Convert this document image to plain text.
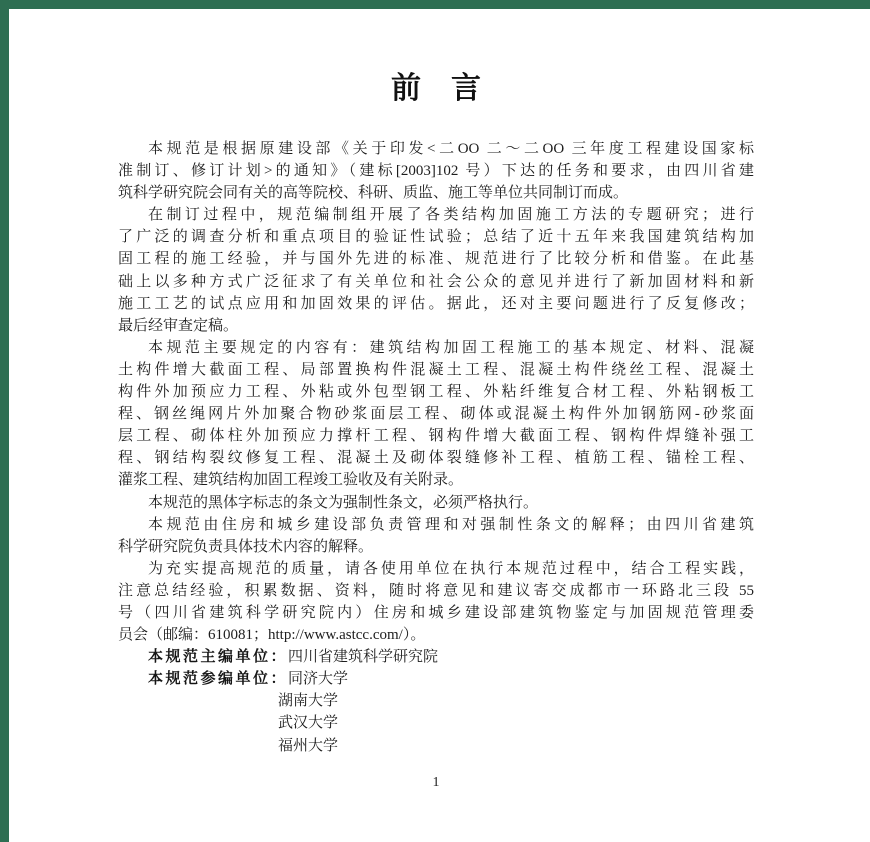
前　言
本规范是根据原建设部《关于印发<二OO 二～二OO 三年度工程建设国家标
准制订、修订计划>的通知》（建标[2003]102 号）下达的任务和要求，由四川省建
筑科学研究院会同有关的高等院校、科研、质监、施工等单位共同制订而成。
在制订过程中，规范编制组开展了各类结构加固施工方法的专题研究；进行
了广泛的调查分析和重点项目的验证性试验；总结了近十五年来我国建筑结构加
固工程的施工经验，并与国外先进的标准、规范进行了比较分析和借鉴。在此基
础上以多种方式广泛征求了有关单位和社会公众的意见并进行了新加固材料和新
施工工艺的试点应用和加固效果的评估。据此，还对主要问题进行了反复修改；
最后经审查定稿。
本规范主要规定的内容有：建筑结构加固工程施工的基本规定、材料、混凝
土构件增大截面工程、局部置换构件混凝土工程、混凝土构件绕丝工程、混凝土
构件外加预应力工程、外粘或外包型钢工程、外粘纤维复合材工程、外粘钢板工
程、钢丝绳网片外加聚合物砂浆面层工程、砌体或混凝土构件外加钢筋网-砂浆面
层工程、砌体柱外加预应力撑杆工程、钢构件增大截面工程、钢构件焊缝补强工
程、钢结构裂纹修复工程、混凝土及砌体裂缝修补工程、植筋工程、锚栓工程、
灌浆工程、建筑结构加固工程竣工验收及有关附录。
本规范的黑体字标志的条文为强制性条文，必须严格执行。
本规范由住房和城乡建设部负责管理和对强制性条文的解释；由四川省建筑
科学研究院负责具体技术内容的解释。
为充实提高规范的质量，请各使用单位在执行本规范过程中，结合工程实践，
注意总结经验，积累数据、资料，随时将意见和建议寄交成都市一环路北三段 55
号（四川省建筑科学研究院内）住房和城乡建设部建筑物鉴定与加固规范管理委
员会（邮编：610081；http://www.astcc.com/）。
本规范主编单位：四川省建筑科学研究院
本规范参编单位：同济大学
湖南大学
武汉大学
福州大学
1
